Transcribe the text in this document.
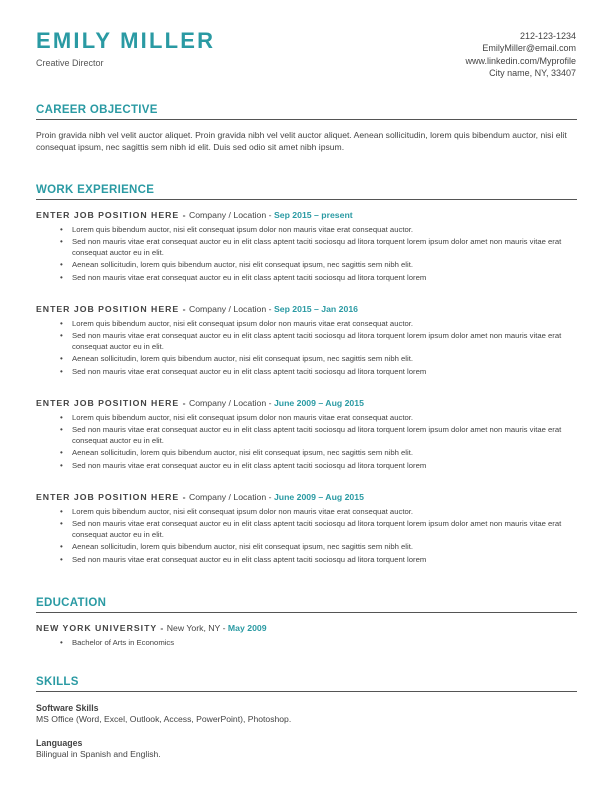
EMILY MILLER
Creative Director
212-123-1234
EmilyMiller@email.com
www.linkedin.com/Myprofile
City name, NY, 33407
CAREER OBJECTIVE
Proin gravida nibh vel velit auctor aliquet. Proin gravida nibh vel velit auctor aliquet. Aenean sollicitudin, lorem quis bibendum auctor, nisi elit consequat ipsum, nec sagittis sem nibh id elit. Duis sed odio sit amet nibh ipsum.
WORK EXPERIENCE
ENTER JOB POSITION HERE - Company / Location - Sep 2015 – present
• Lorem quis bibendum auctor, nisi elit consequat ipsum dolor non mauris vitae erat consequat auctor.
• Sed non mauris vitae erat consequat auctor eu in elit class aptent taciti sociosqu ad litora torquent lorem ipsum dolor amet non mauris vitae erat consequat auctor eu in elit.
• Aenean sollicitudin, lorem quis bibendum auctor, nisi elit consequat ipsum, nec sagittis sem nibh elit.
• Sed non mauris vitae erat consequat auctor eu in elit class aptent taciti sociosqu ad litora torquent lorem
ENTER JOB POSITION HERE - Company / Location - Sep 2015 – Jan 2016
• Lorem quis bibendum auctor, nisi elit consequat ipsum dolor non mauris vitae erat consequat auctor.
• Sed non mauris vitae erat consequat auctor eu in elit class aptent taciti sociosqu ad litora torquent lorem ipsum dolor amet non mauris vitae erat consequat auctor eu in elit.
• Aenean sollicitudin, lorem quis bibendum auctor, nisi elit consequat ipsum, nec sagittis sem nibh elit.
• Sed non mauris vitae erat consequat auctor eu in elit class aptent taciti sociosqu ad litora torquent lorem
ENTER JOB POSITION HERE - Company / Location - June 2009 – Aug 2015
• Lorem quis bibendum auctor, nisi elit consequat ipsum dolor non mauris vitae erat consequat auctor.
• Sed non mauris vitae erat consequat auctor eu in elit class aptent taciti sociosqu ad litora torquent lorem ipsum dolor amet non mauris vitae erat consequat auctor eu in elit.
• Aenean sollicitudin, lorem quis bibendum auctor, nisi elit consequat ipsum, nec sagittis sem nibh elit.
• Sed non mauris vitae erat consequat auctor eu in elit class aptent taciti sociosqu ad litora torquent lorem
ENTER JOB POSITION HERE - Company / Location - June 2009 – Aug 2015
• Lorem quis bibendum auctor, nisi elit consequat ipsum dolor non mauris vitae erat consequat auctor.
• Sed non mauris vitae erat consequat auctor eu in elit class aptent taciti sociosqu ad litora torquent lorem ipsum dolor amet non mauris vitae erat consequat auctor eu in elit.
• Aenean sollicitudin, lorem quis bibendum auctor, nisi elit consequat ipsum, nec sagittis sem nibh elit.
• Sed non mauris vitae erat consequat auctor eu in elit class aptent taciti sociosqu ad litora torquent lorem
EDUCATION
NEW YORK UNIVERSITY - New York, NY - May 2009
• Bachelor of Arts in Economics
SKILLS
Software Skills
MS Office (Word, Excel, Outlook, Access, PowerPoint), Photoshop.
Languages
Bilingual in Spanish and English.
